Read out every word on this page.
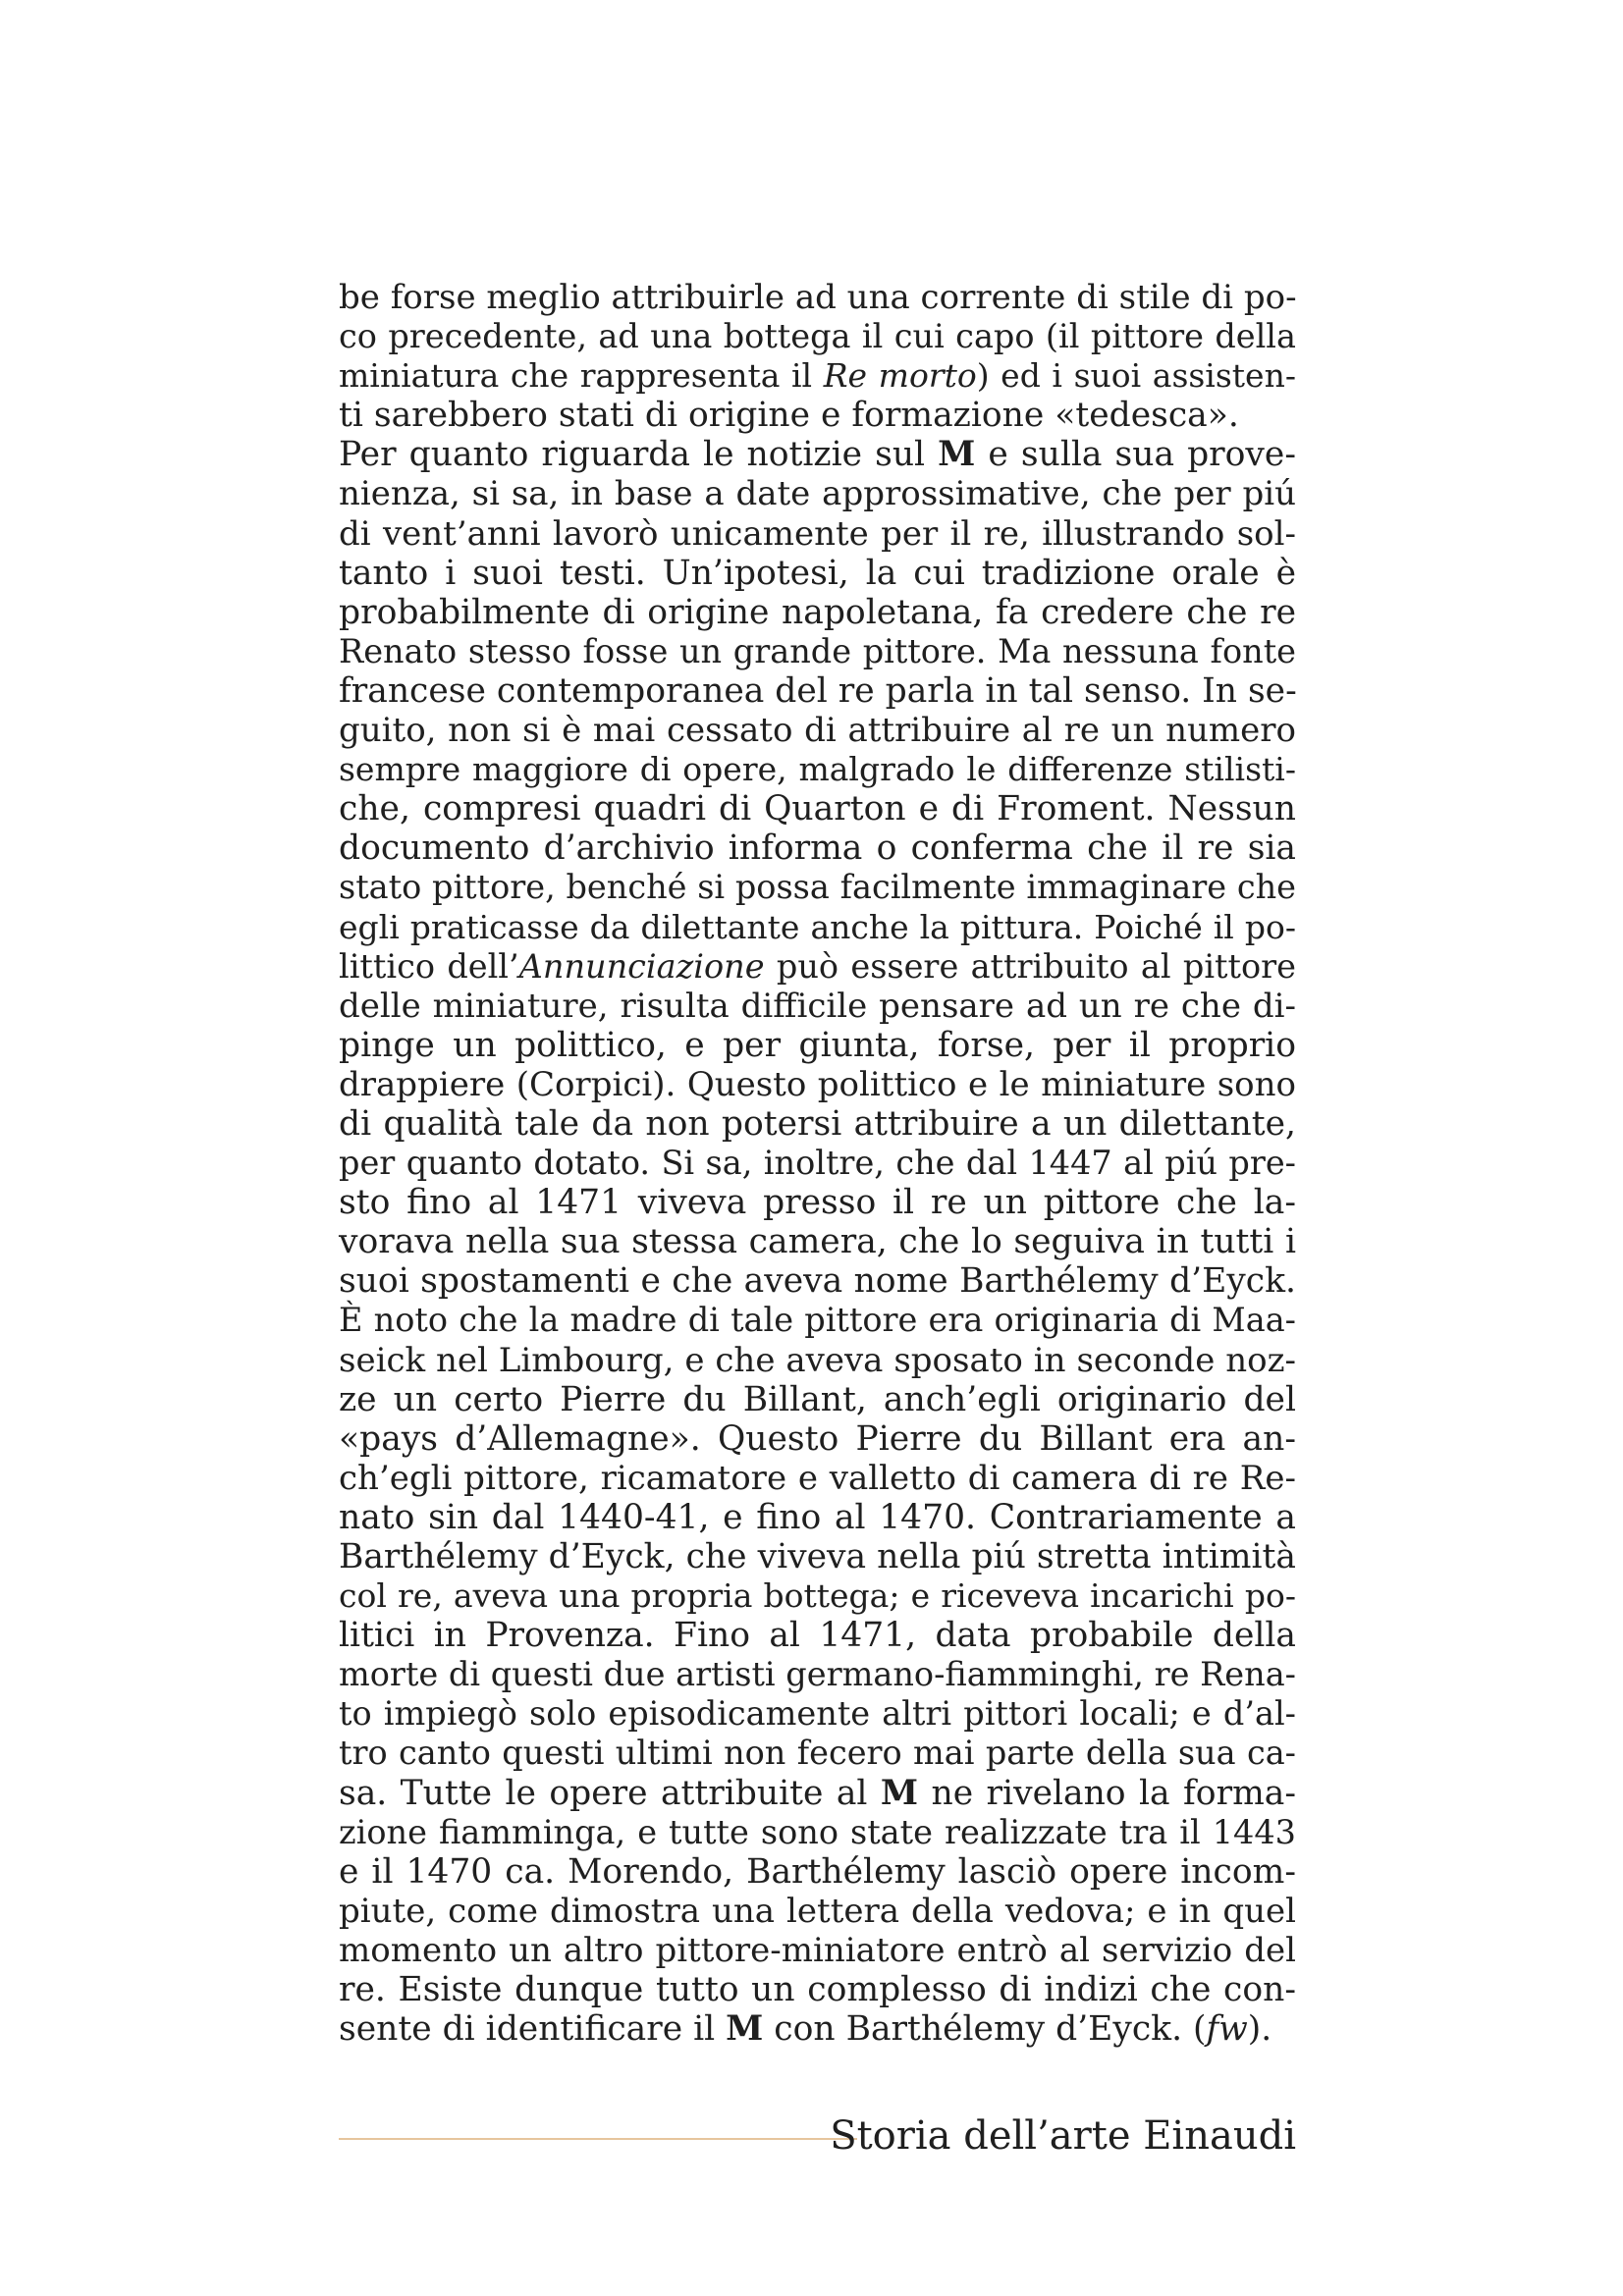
be forse meglio attribuirle ad una corrente di stile di po-
co precedente, ad una bottega il cui capo (il pittore della
miniatura che rappresenta il Re morto) ed i suoi assisten-
ti sarebbero stati di origine e formazione «tedesca».
Per quanto riguarda le notizie sul M e sulla sua prove-
nienza, si sa, in base a date approssimative, che per piú
di vent’anni lavorò unicamente per il re, illustrando sol-
tanto i suoi testi. Un’ipotesi, la cui tradizione orale è
probabilmente di origine napoletana, fa credere che re
Renato stesso fosse un grande pittore. Ma nessuna fonte
francese contemporanea del re parla in tal senso. In se-
guito, non si è mai cessato di attribuire al re un numero
sempre maggiore di opere, malgrado le differenze stilisti-
che, compresi quadri di Quarton e di Froment. Nessun
documento d’archivio informa o conferma che il re sia
stato pittore, benché si possa facilmente immaginare che
egli praticasse da dilettante anche la pittura. Poiché il po-
littico dell’Annunciazione può essere attribuito al pittore
delle miniature, risulta difficile pensare ad un re che di-
pinge un polittico, e per giunta, forse, per il proprio
drappiere (Corpici). Questo polittico e le miniature sono
di qualità tale da non potersi attribuire a un dilettante,
per quanto dotato. Si sa, inoltre, che dal 1447 al piú pre-
sto fino al 1471 viveva presso il re un pittore che la-
vorava nella sua stessa camera, che lo seguiva in tutti i
suoi spostamenti e che aveva nome Barthélemy d’Eyck.
È noto che la madre di tale pittore era originaria di Maa-
seick nel Limbourg, e che aveva sposato in seconde noz-
ze un certo Pierre du Billant, anch’egli originario del
«pays d’Allemagne». Questo Pierre du Billant era an-
ch’egli pittore, ricamatore e valletto di camera di re Re-
nato sin dal 1440-41, e fino al 1470. Contrariamente a
Barthélemy d’Eyck, che viveva nella piú stretta intimità
col re, aveva una propria bottega; e riceveva incarichi po-
litici in Provenza. Fino al 1471, data probabile della
morte di questi due artisti germano-fiamminghi, re Rena-
to impiegò solo episodicamente altri pittori locali; e d’al-
tro canto questi ultimi non fecero mai parte della sua ca-
sa. Tutte le opere attribuite al M ne rivelano la forma-
zione fiamminga, e tutte sono state realizzate tra il 1443
e il 1470 ca. Morendo, Barthélemy lasciò opere incom-
piute, come dimostra una lettera della vedova; e in quel
momento un altro pittore-miniatore entrò al servizio del
re. Esiste dunque tutto un complesso di indizi che con-
sente di identificare il M con Barthélemy d’Eyck. (fw).
Storia dell’arte Einaudi
